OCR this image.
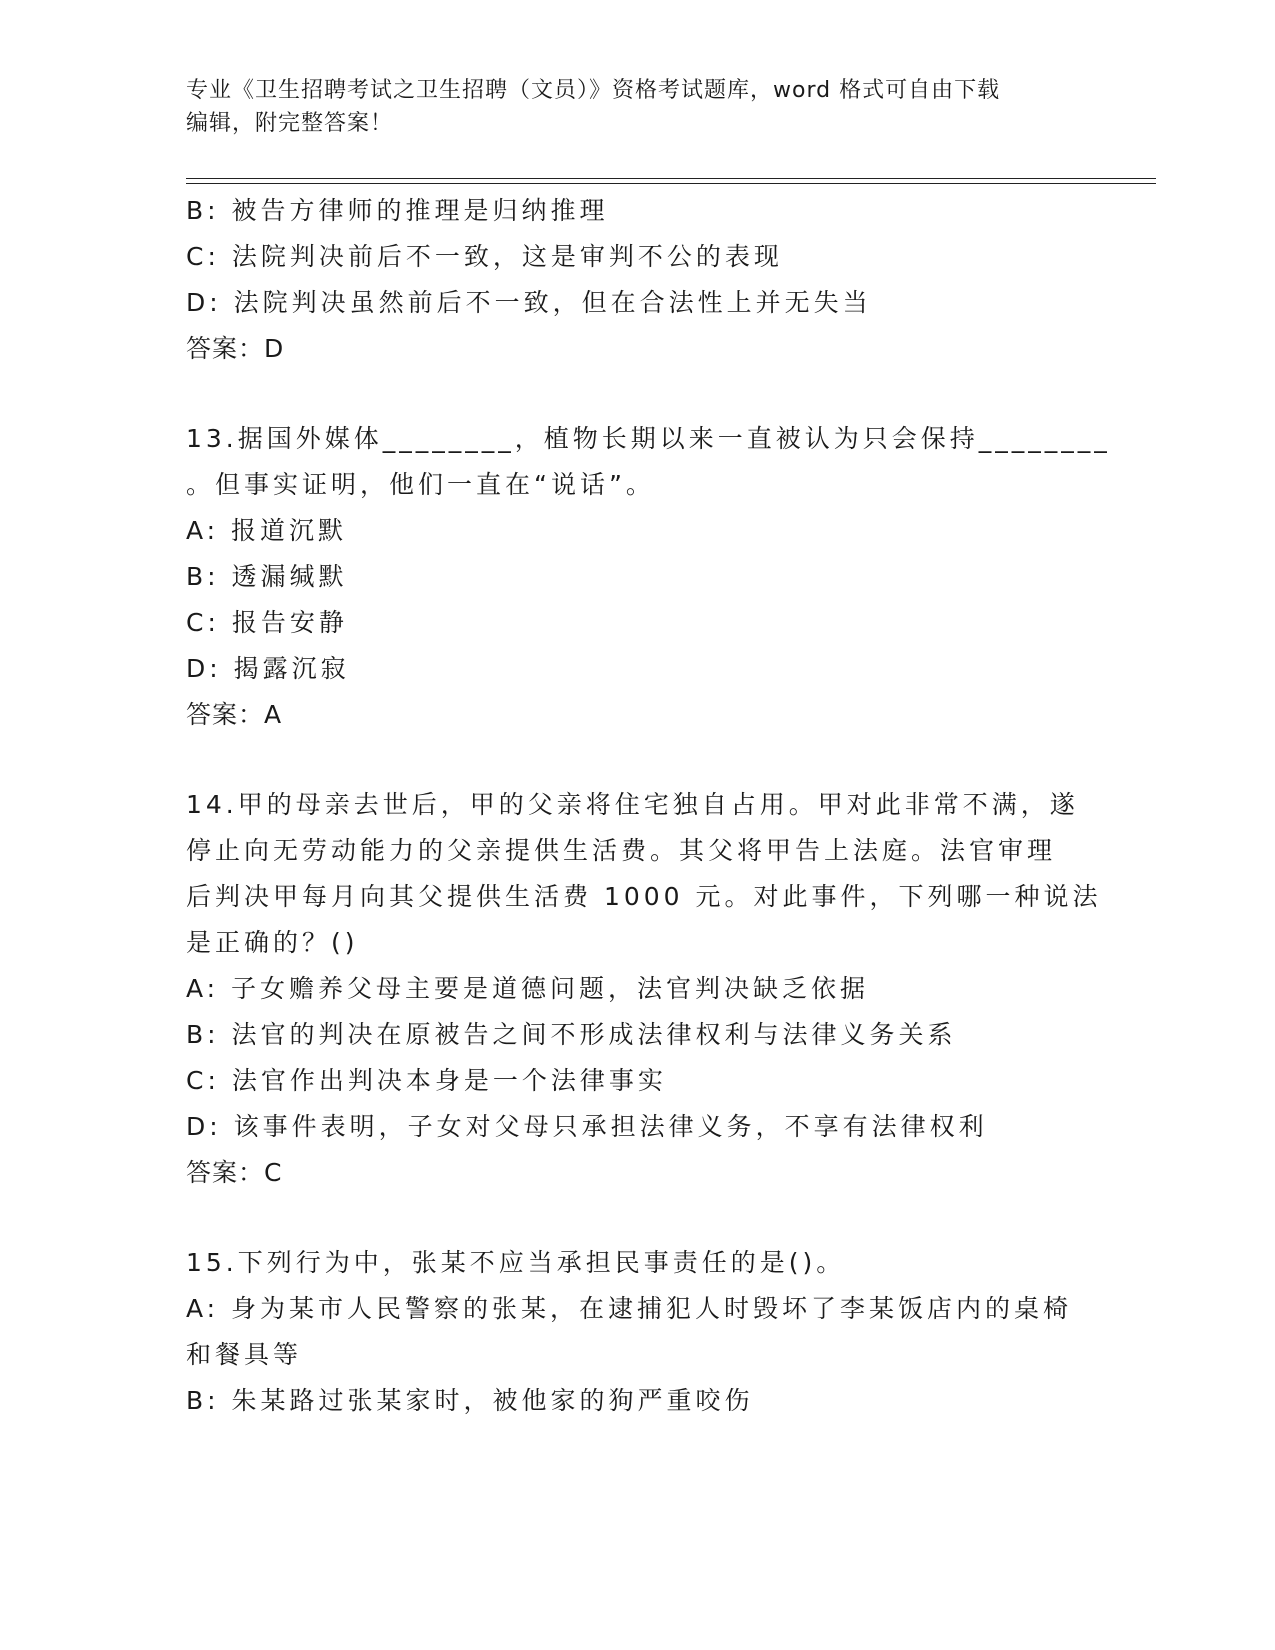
专业《卫生招聘考试之卫生招聘（文员）》资格考试题库，word 格式可自由下载
编辑，附完整答案！
B: 被告方律师的推理是归纳推理
C: 法院判决前后不一致，这是审判不公的表现
D: 法院判决虽然前后不一致，但在合法性上并无失当
答案：D
13.据国外媒体________，植物长期以来一直被认为只会保持________
。但事实证明，他们一直在“说话”。
A: 报道沉默
B: 透漏缄默
C: 报告安静
D: 揭露沉寂
答案：A
14.甲的母亲去世后，甲的父亲将住宅独自占用。甲对此非常不满，遂
停止向无劳动能力的父亲提供生活费。其父将甲告上法庭。法官审理
后判决甲每月向其父提供生活费 1000 元。对此事件，下列哪一种说法
是正确的？()
A: 子女赡养父母主要是道德问题，法官判决缺乏依据
B: 法官的判决在原被告之间不形成法律权利与法律义务关系
C: 法官作出判决本身是一个法律事实
D: 该事件表明，子女对父母只承担法律义务，不享有法律权利
答案：C
15.下列行为中，张某不应当承担民事责任的是()。
A: 身为某市人民警察的张某，在逮捕犯人时毁坏了李某饭店内的桌椅
和餐具等
B: 朱某路过张某家时，被他家的狗严重咬伤
